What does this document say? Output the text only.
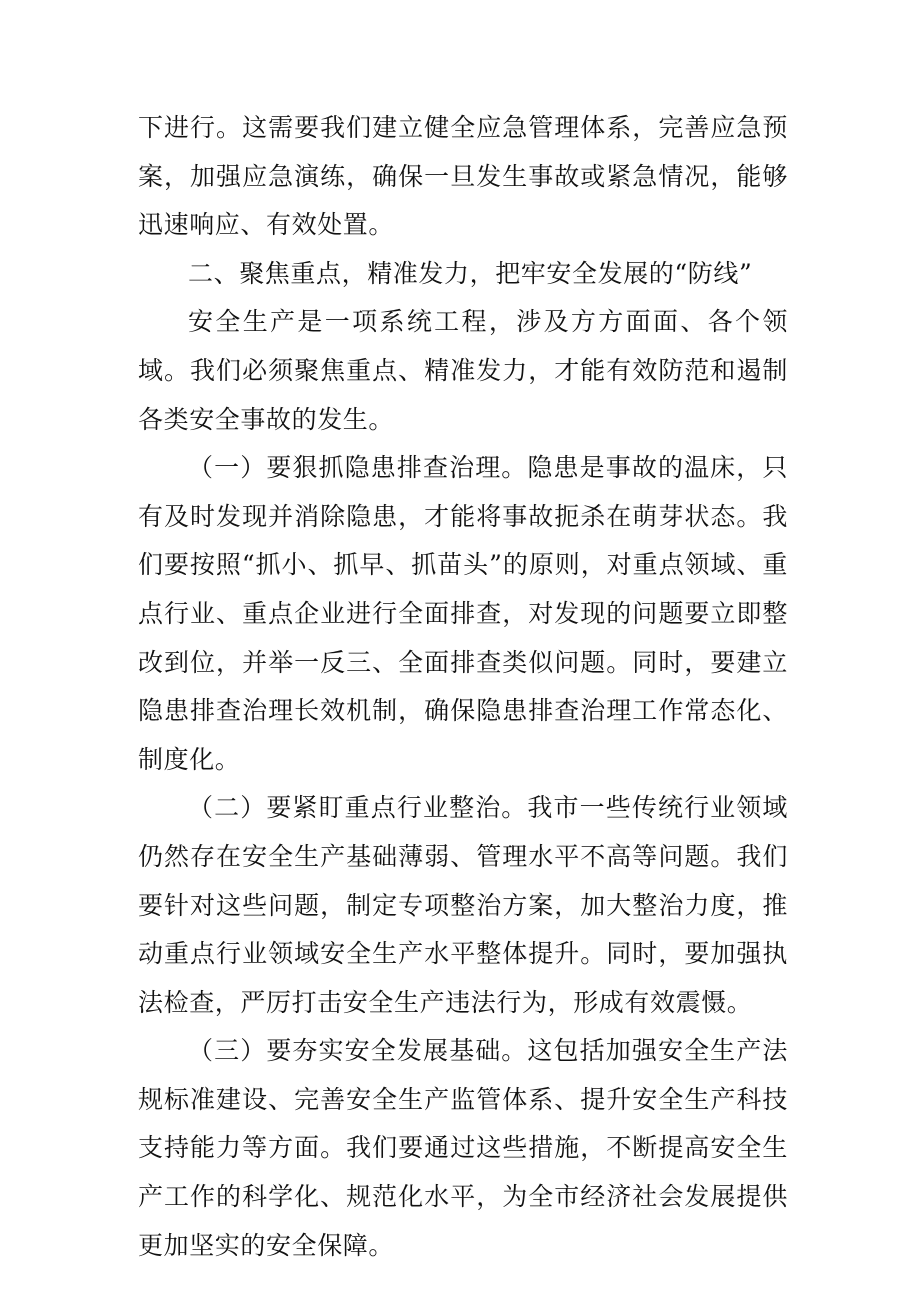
下进行。这需要我们建立健全应急管理体系，完善应急预案，加强应急演练，确保一旦发生事故或紧急情况，能够迅速响应、有效处置。

二、聚焦重点，精准发力，把牢安全发展的“防线”

安全生产是一项系统工程，涉及方方面面、各个领域。我们必须聚焦重点、精准发力，才能有效防范和遏制各类安全事故的发生。

（一）要狠抓隐患排查治理。隐患是事故的温床，只有及时发现并消除隐患，才能将事故扼杀在萌芽状态。我们要按照“抓小、抓早、抓苗头”的原则，对重点领域、重点行业、重点企业进行全面排查，对发现的问题要立即整改到位，并举一反三、全面排查类似问题。同时，要建立隐患排查治理长效机制，确保隐患排查治理工作常态化、制度化。

（二）要紧盯重点行业整治。我市一些传统行业领域仍然存在安全生产基础薄弱、管理水平不高等问题。我们要针对这些问题，制定专项整治方案，加大整治力度，推动重点行业领域安全生产水平整体提升。同时，要加强执法检查，严厉打击安全生产违法行为，形成有效震慑。

（三）要夯实安全发展基础。这包括加强安全生产法规标准建设、完善安全生产监管体系、提升安全生产科技支持能力等方面。我们要通过这些措施，不断提高安全生产工作的科学化、规范化水平，为全市经济社会发展提供更加坚实的安全保障。
